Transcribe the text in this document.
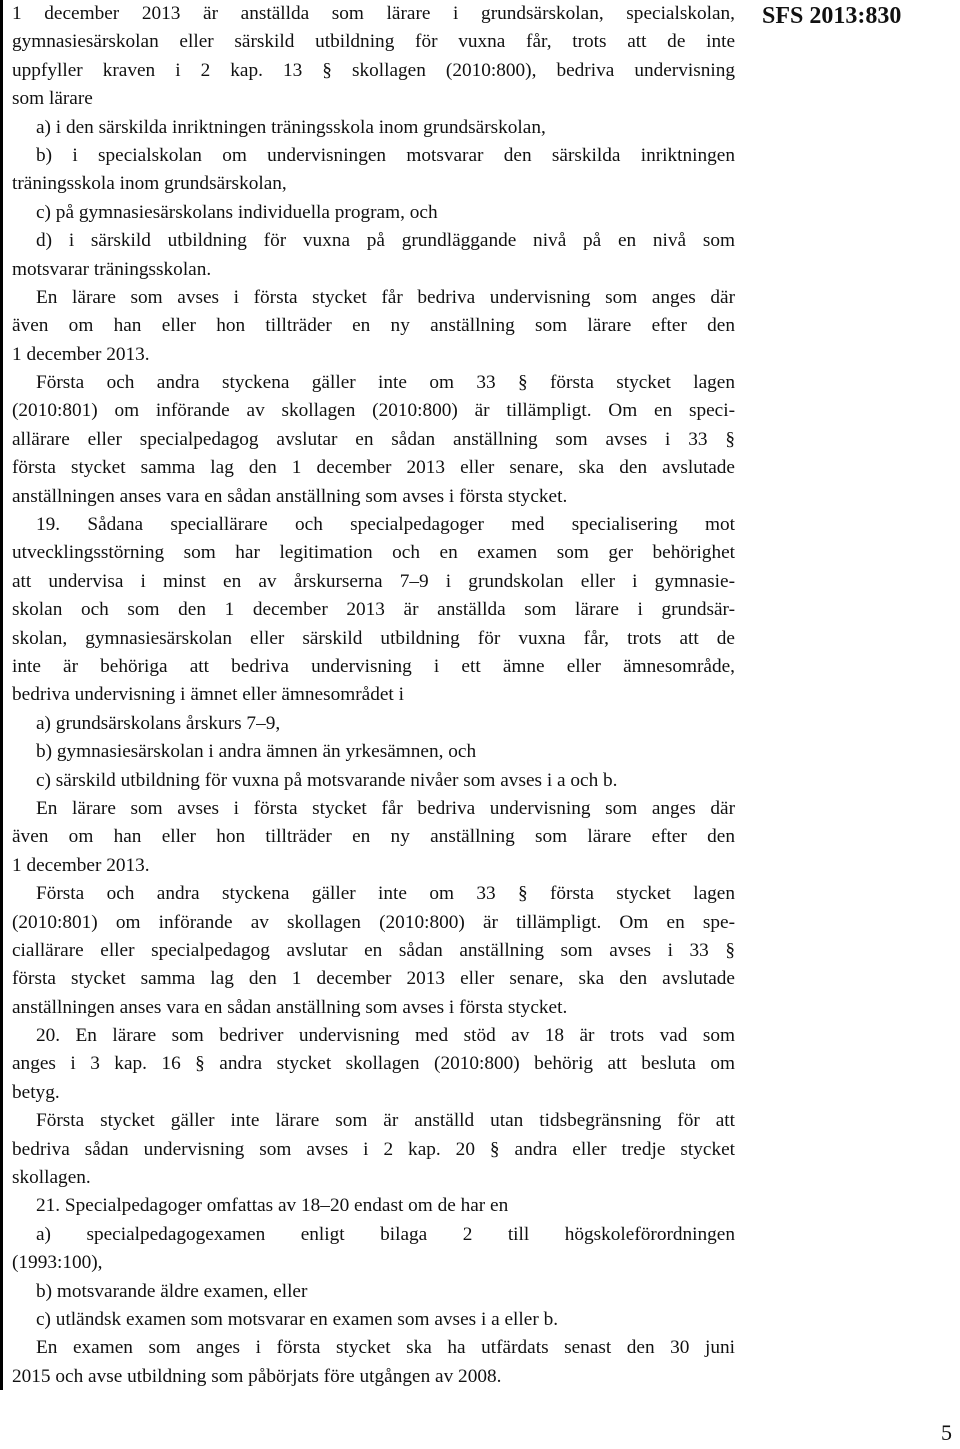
SFS 2013:830
1 december 2013 är anställda som lärare i grundsärskolan, specialskolan,
gymnasiesärskolan eller särskild utbildning för vuxna får, trots att de inte
uppfyller kraven i 2 kap. 13 § skollagen (2010:800), bedriva undervisning
som lärare
a) i den särskilda inriktningen träningsskola inom grundsärskolan,
b) i specialskolan om undervisningen motsvarar den särskilda inriktningen
träningsskola inom grundsärskolan,
c) på gymnasiesärskolans individuella program, och
d) i särskild utbildning för vuxna på grundläggande nivå på en nivå som
motsvarar träningsskolan.
En lärare som avses i första stycket får bedriva undervisning som anges där
även om han eller hon tillträder en ny anställning som lärare efter den
1 december 2013.
Första och andra styckena gäller inte om 33 § första stycket lagen
(2010:801) om införande av skollagen (2010:800) är tillämpligt. Om en speci-
allärare eller specialpedagog avslutar en sådan anställning som avses i 33 §
första stycket samma lag den 1 december 2013 eller senare, ska den avslutade
anställningen anses vara en sådan anställning som avses i första stycket.
19. Sådana speciallärare och specialpedagoger med specialisering mot
utvecklingsstörning som har legitimation och en examen som ger behörighet
att undervisa i minst en av årskurserna 7–9 i grundskolan eller i gymnasie-
skolan och som den 1 december 2013 är anställda som lärare i grundsär-
skolan, gymnasiesärskolan eller särskild utbildning för vuxna får, trots att de
inte är behöriga att bedriva undervisning i ett ämne eller ämnesområde,
bedriva undervisning i ämnet eller ämnesområdet i
a) grundsärskolans årskurs 7–9,
b) gymnasiesärskolan i andra ämnen än yrkesämnen, och
c) särskild utbildning för vuxna på motsvarande nivåer som avses i a och b.
En lärare som avses i första stycket får bedriva undervisning som anges där
även om han eller hon tillträder en ny anställning som lärare efter den
1 december 2013.
Första och andra styckena gäller inte om 33 § första stycket lagen
(2010:801) om införande av skollagen (2010:800) är tillämpligt. Om en spe-
ciallärare eller specialpedagog avslutar en sådan anställning som avses i 33 §
första stycket samma lag den 1 december 2013 eller senare, ska den avslutade
anställningen anses vara en sådan anställning som avses i första stycket.
20. En lärare som bedriver undervisning med stöd av 18 är trots vad som
anges i 3 kap. 16 § andra stycket skollagen (2010:800) behörig att besluta om
betyg.
Första stycket gäller inte lärare som är anställd utan tidsbegränsning för att
bedriva sådan undervisning som avses i 2 kap. 20 § andra eller tredje stycket
skollagen.
21. Specialpedagoger omfattas av 18–20 endast om de har en
a) specialpedagogexamen enligt bilaga 2 till högskoleförordningen
(1993:100),
b) motsvarande äldre examen, eller
c) utländsk examen som motsvarar en examen som avses i a eller b.
En examen som anges i första stycket ska ha utfärdats senast den 30 juni
2015 och avse utbildning som påbörjats före utgången av 2008.
5
